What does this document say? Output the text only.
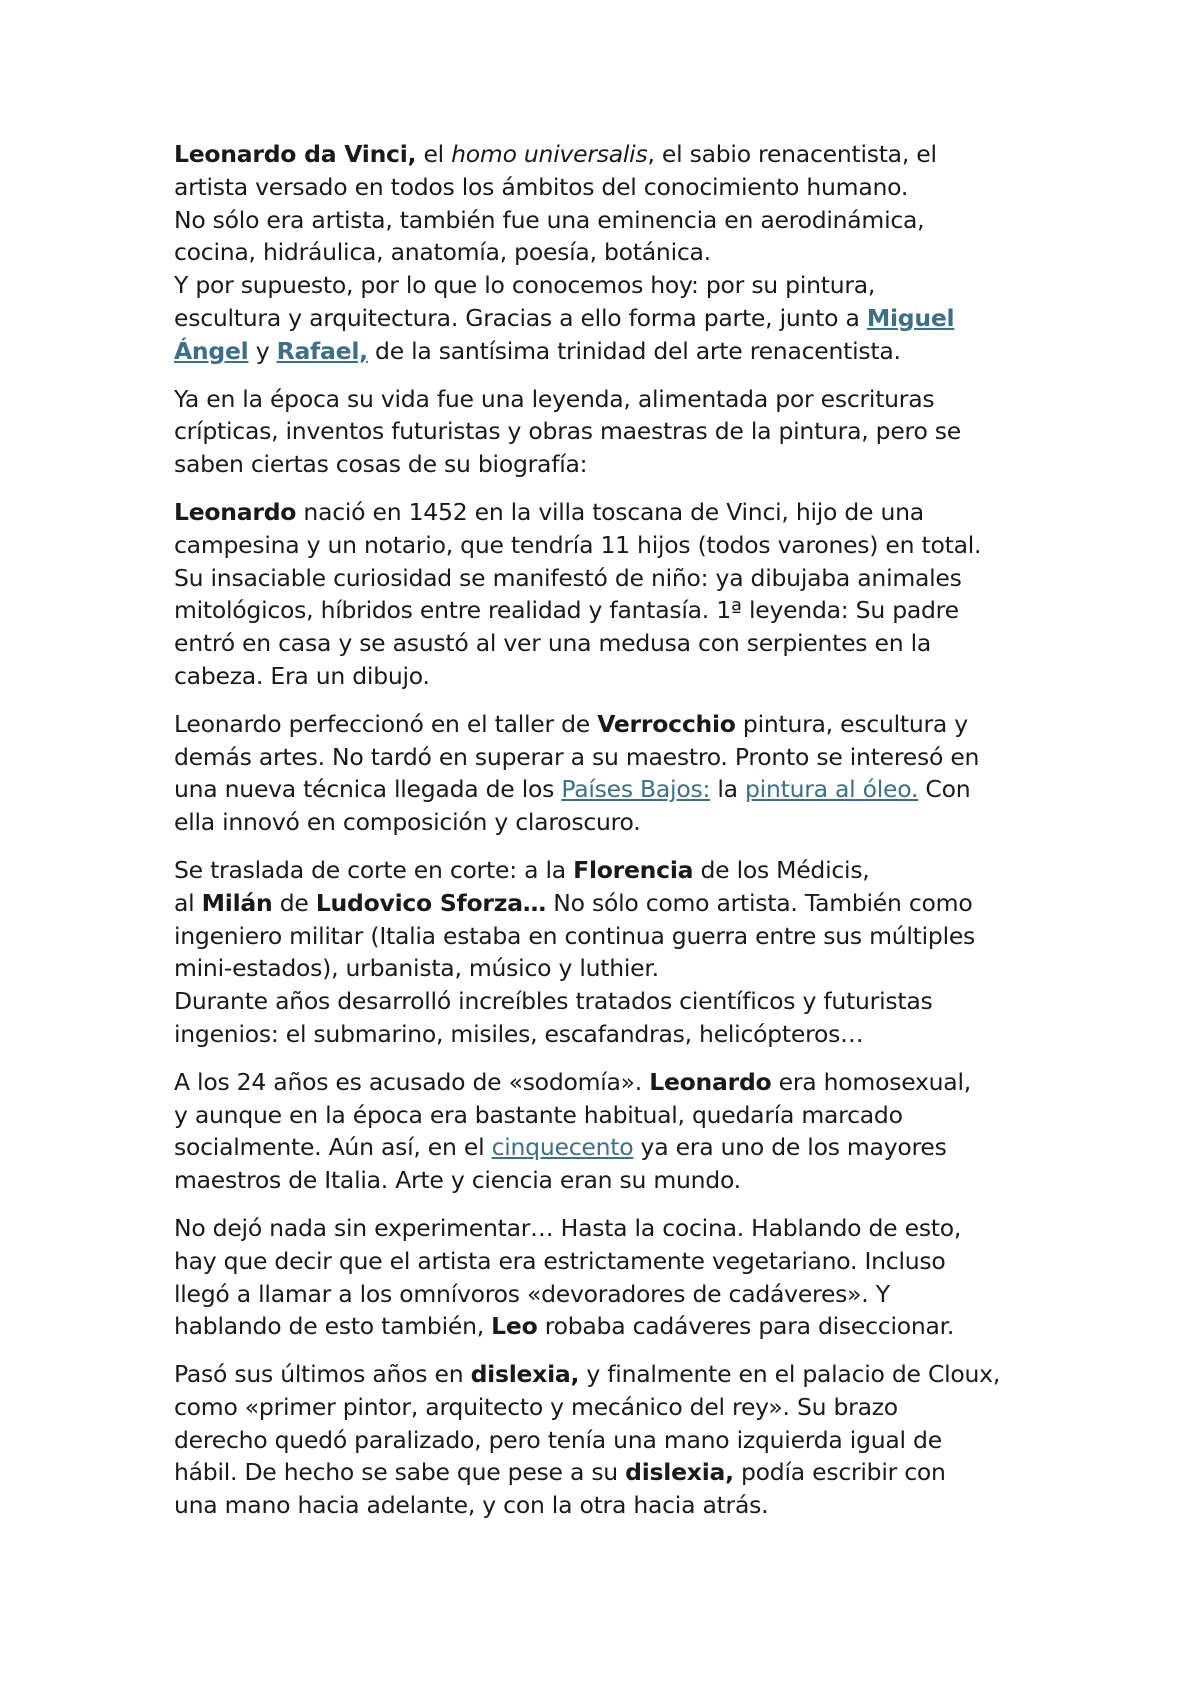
Leonardo da Vinci, el homo universalis, el sabio renacentista, el
artista versado en todos los ámbitos del conocimiento humano.
No sólo era artista, también fue una eminencia en aerodinámica,
cocina, hidráulica, anatomía, poesía, botánica.
Y por supuesto, por lo que lo conocemos hoy: por su pintura,
escultura y arquitectura. Gracias a ello forma parte, junto a Miguel
Ángel y Rafael, de la santísima trinidad del arte renacentista.

Ya en la época su vida fue una leyenda, alimentada por escrituras
crípticas, inventos futuristas y obras maestras de la pintura, pero se
saben ciertas cosas de su biografía:

Leonardo nació en 1452 en la villa toscana de Vinci, hijo de una
campesina y un notario, que tendría 11 hijos (todos varones) en total.
Su insaciable curiosidad se manifestó de niño: ya dibujaba animales
mitológicos, híbridos entre realidad y fantasía. 1ª leyenda: Su padre
entró en casa y se asustó al ver una medusa con serpientes en la
cabeza. Era un dibujo.

Leonardo perfeccionó en el taller de Verrocchio pintura, escultura y
demás artes. No tardó en superar a su maestro. Pronto se interesó en
una nueva técnica llegada de los Países Bajos: la pintura al óleo. Con
ella innovó en composición y claroscuro.

Se traslada de corte en corte: a la Florencia de los Médicis,
al Milán de Ludovico Sforza… No sólo como artista. También como
ingeniero militar (Italia estaba en continua guerra entre sus múltiples
mini-estados), urbanista, músico y luthier.
Durante años desarrolló increíbles tratados científicos y futuristas
ingenios: el submarino, misiles, escafandras, helicópteros…

A los 24 años es acusado de «sodomía». Leonardo era homosexual,
y aunque en la época era bastante habitual, quedaría marcado
socialmente. Aún así, en el cinquecento ya era uno de los mayores
maestros de Italia. Arte y ciencia eran su mundo.

No dejó nada sin experimentar… Hasta la cocina. Hablando de esto,
hay que decir que el artista era estrictamente vegetariano. Incluso
llegó a llamar a los omnívoros «devoradores de cadáveres». Y
hablando de esto también, Leo robaba cadáveres para diseccionar.

Pasó sus últimos años en dislexia, y finalmente en el palacio de Cloux,
como «primer pintor, arquitecto y mecánico del rey». Su brazo
derecho quedó paralizado, pero tenía una mano izquierda igual de
hábil. De hecho se sabe que pese a su dislexia, podía escribir con
una mano hacia adelante, y con la otra hacia atrás.
